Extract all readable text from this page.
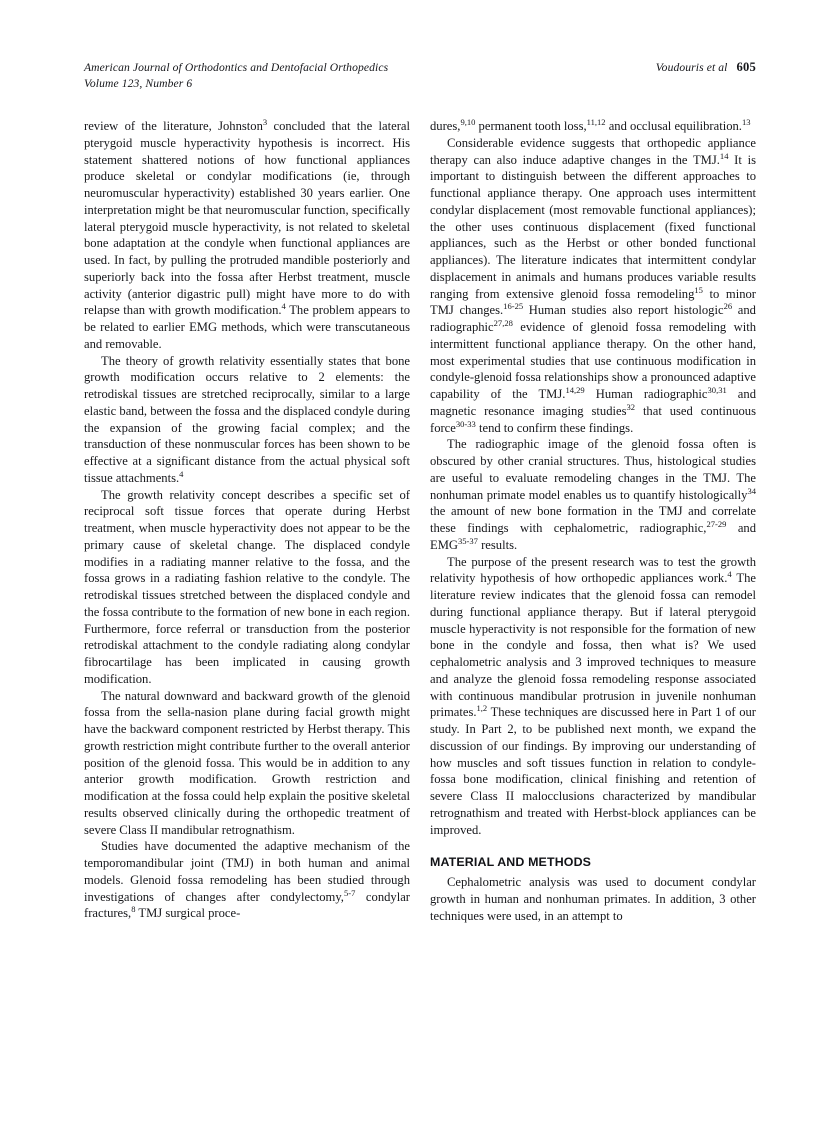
American Journal of Orthodontics and Dentofacial Orthopedics
Volume 123, Number 6
Voudouris et al 605

review of the literature, Johnston$^3$ concluded that the lateral pterygoid muscle hyperactivity hypothesis is incorrect. His statement shattered notions of how functional appliances produce skeletal or condylar modifications (ie, through neuromuscular hyperactivity) established 30 years earlier. One interpretation might be that neuromuscular function, specifically lateral pterygoid muscle hyperactivity, is not related to skeletal bone adaptation at the condyle when functional appliances are used. In fact, by pulling the protruded mandible posteriorly and superiorly back into the fossa after Herbst treatment, muscle activity (anterior digastric pull) might have more to do with relapse than with growth modification.$^4$ The problem appears to be related to earlier EMG methods, which were transcutaneous and removable.

The theory of growth relativity essentially states that bone growth modification occurs relative to 2 elements: the retrodiskal tissues are stretched reciprocally, similar to a large elastic band, between the fossa and the displaced condyle during the expansion of the growing facial complex; and the transduction of these nonmuscular forces has been shown to be effective at a significant distance from the actual physical soft tissue attachments.$^4$

The growth relativity concept describes a specific set of reciprocal soft tissue forces that operate during Herbst treatment, when muscle hyperactivity does not appear to be the primary cause of skeletal change. The displaced condyle modifies in a radiating manner relative to the fossa, and the fossa grows in a radiating fashion relative to the condyle. The retrodiskal tissues stretched between the displaced condyle and the fossa contribute to the formation of new bone in each region. Furthermore, force referral or transduction from the posterior retrodiskal attachment to the condyle radiating along condylar fibrocartilage has been implicated in causing growth modification.

The natural downward and backward growth of the glenoid fossa from the sella-nasion plane during facial growth might have the backward component restricted by Herbst therapy. This growth restriction might contribute further to the overall anterior position of the glenoid fossa. This would be in addition to any anterior growth modification. Growth restriction and modification at the fossa could help explain the positive skeletal results observed clinically during the orthopedic treatment of severe Class II mandibular retrognathism.

Studies have documented the adaptive mechanism of the temporomandibular joint (TMJ) in both human and animal models. Glenoid fossa remodeling has been studied through investigations of changes after condylectomy,$^{5-7}$ condylar fractures,$^8$ TMJ surgical proce-

dures,$^{9,10}$ permanent tooth loss,$^{11,12}$ and occlusal equilibration.$^{13}$

Considerable evidence suggests that orthopedic appliance therapy can also induce adaptive changes in the TMJ.$^{14}$ It is important to distinguish between the different approaches to functional appliance therapy. One approach uses intermittent condylar displacement (most removable functional appliances); the other uses continuous displacement (fixed functional appliances, such as the Herbst or other bonded functional appliances). The literature indicates that intermittent condylar displacement in animals and humans produces variable results ranging from extensive glenoid fossa remodeling$^{15}$ to minor TMJ changes.$^{16-25}$ Human studies also report histologic$^{26}$ and radiographic$^{27,28}$ evidence of glenoid fossa remodeling with intermittent functional appliance therapy. On the other hand, most experimental studies that use continuous modification in condyle-glenoid fossa relationships show a pronounced adaptive capability of the TMJ.$^{14,29}$ Human radiographic$^{30,31}$ and magnetic resonance imaging studies$^{32}$ that used continuous force$^{30-33}$ tend to confirm these findings.

The radiographic image of the glenoid fossa often is obscured by other cranial structures. Thus, histological studies are useful to evaluate remodeling changes in the TMJ. The nonhuman primate model enables us to quantify histologically$^{34}$ the amount of new bone formation in the TMJ and correlate these findings with cephalometric, radiographic,$^{27-29}$ and EMG$^{35-37}$ results.

The purpose of the present research was to test the growth relativity hypothesis of how orthopedic appliances work.$^4$ The literature review indicates that the glenoid fossa can remodel during functional appliance therapy. But if lateral pterygoid muscle hyperactivity is not responsible for the formation of new bone in the condyle and fossa, then what is? We used cephalometric analysis and 3 improved techniques to measure and analyze the glenoid fossa remodeling response associated with continuous mandibular protrusion in juvenile nonhuman primates.$^{1,2}$ These techniques are discussed here in Part 1 of our study. In Part 2, to be published next month, we expand the discussion of our findings. By improving our understanding of how muscles and soft tissues function in relation to condyle-fossa bone modification, clinical finishing and retention of severe Class II malocclusions characterized by mandibular retrognathism and treated with Herbst-block appliances can be improved.

MATERIAL AND METHODS

Cephalometric analysis was used to document condylar growth in human and nonhuman primates. In addition, 3 other techniques were used, in an attempt to
